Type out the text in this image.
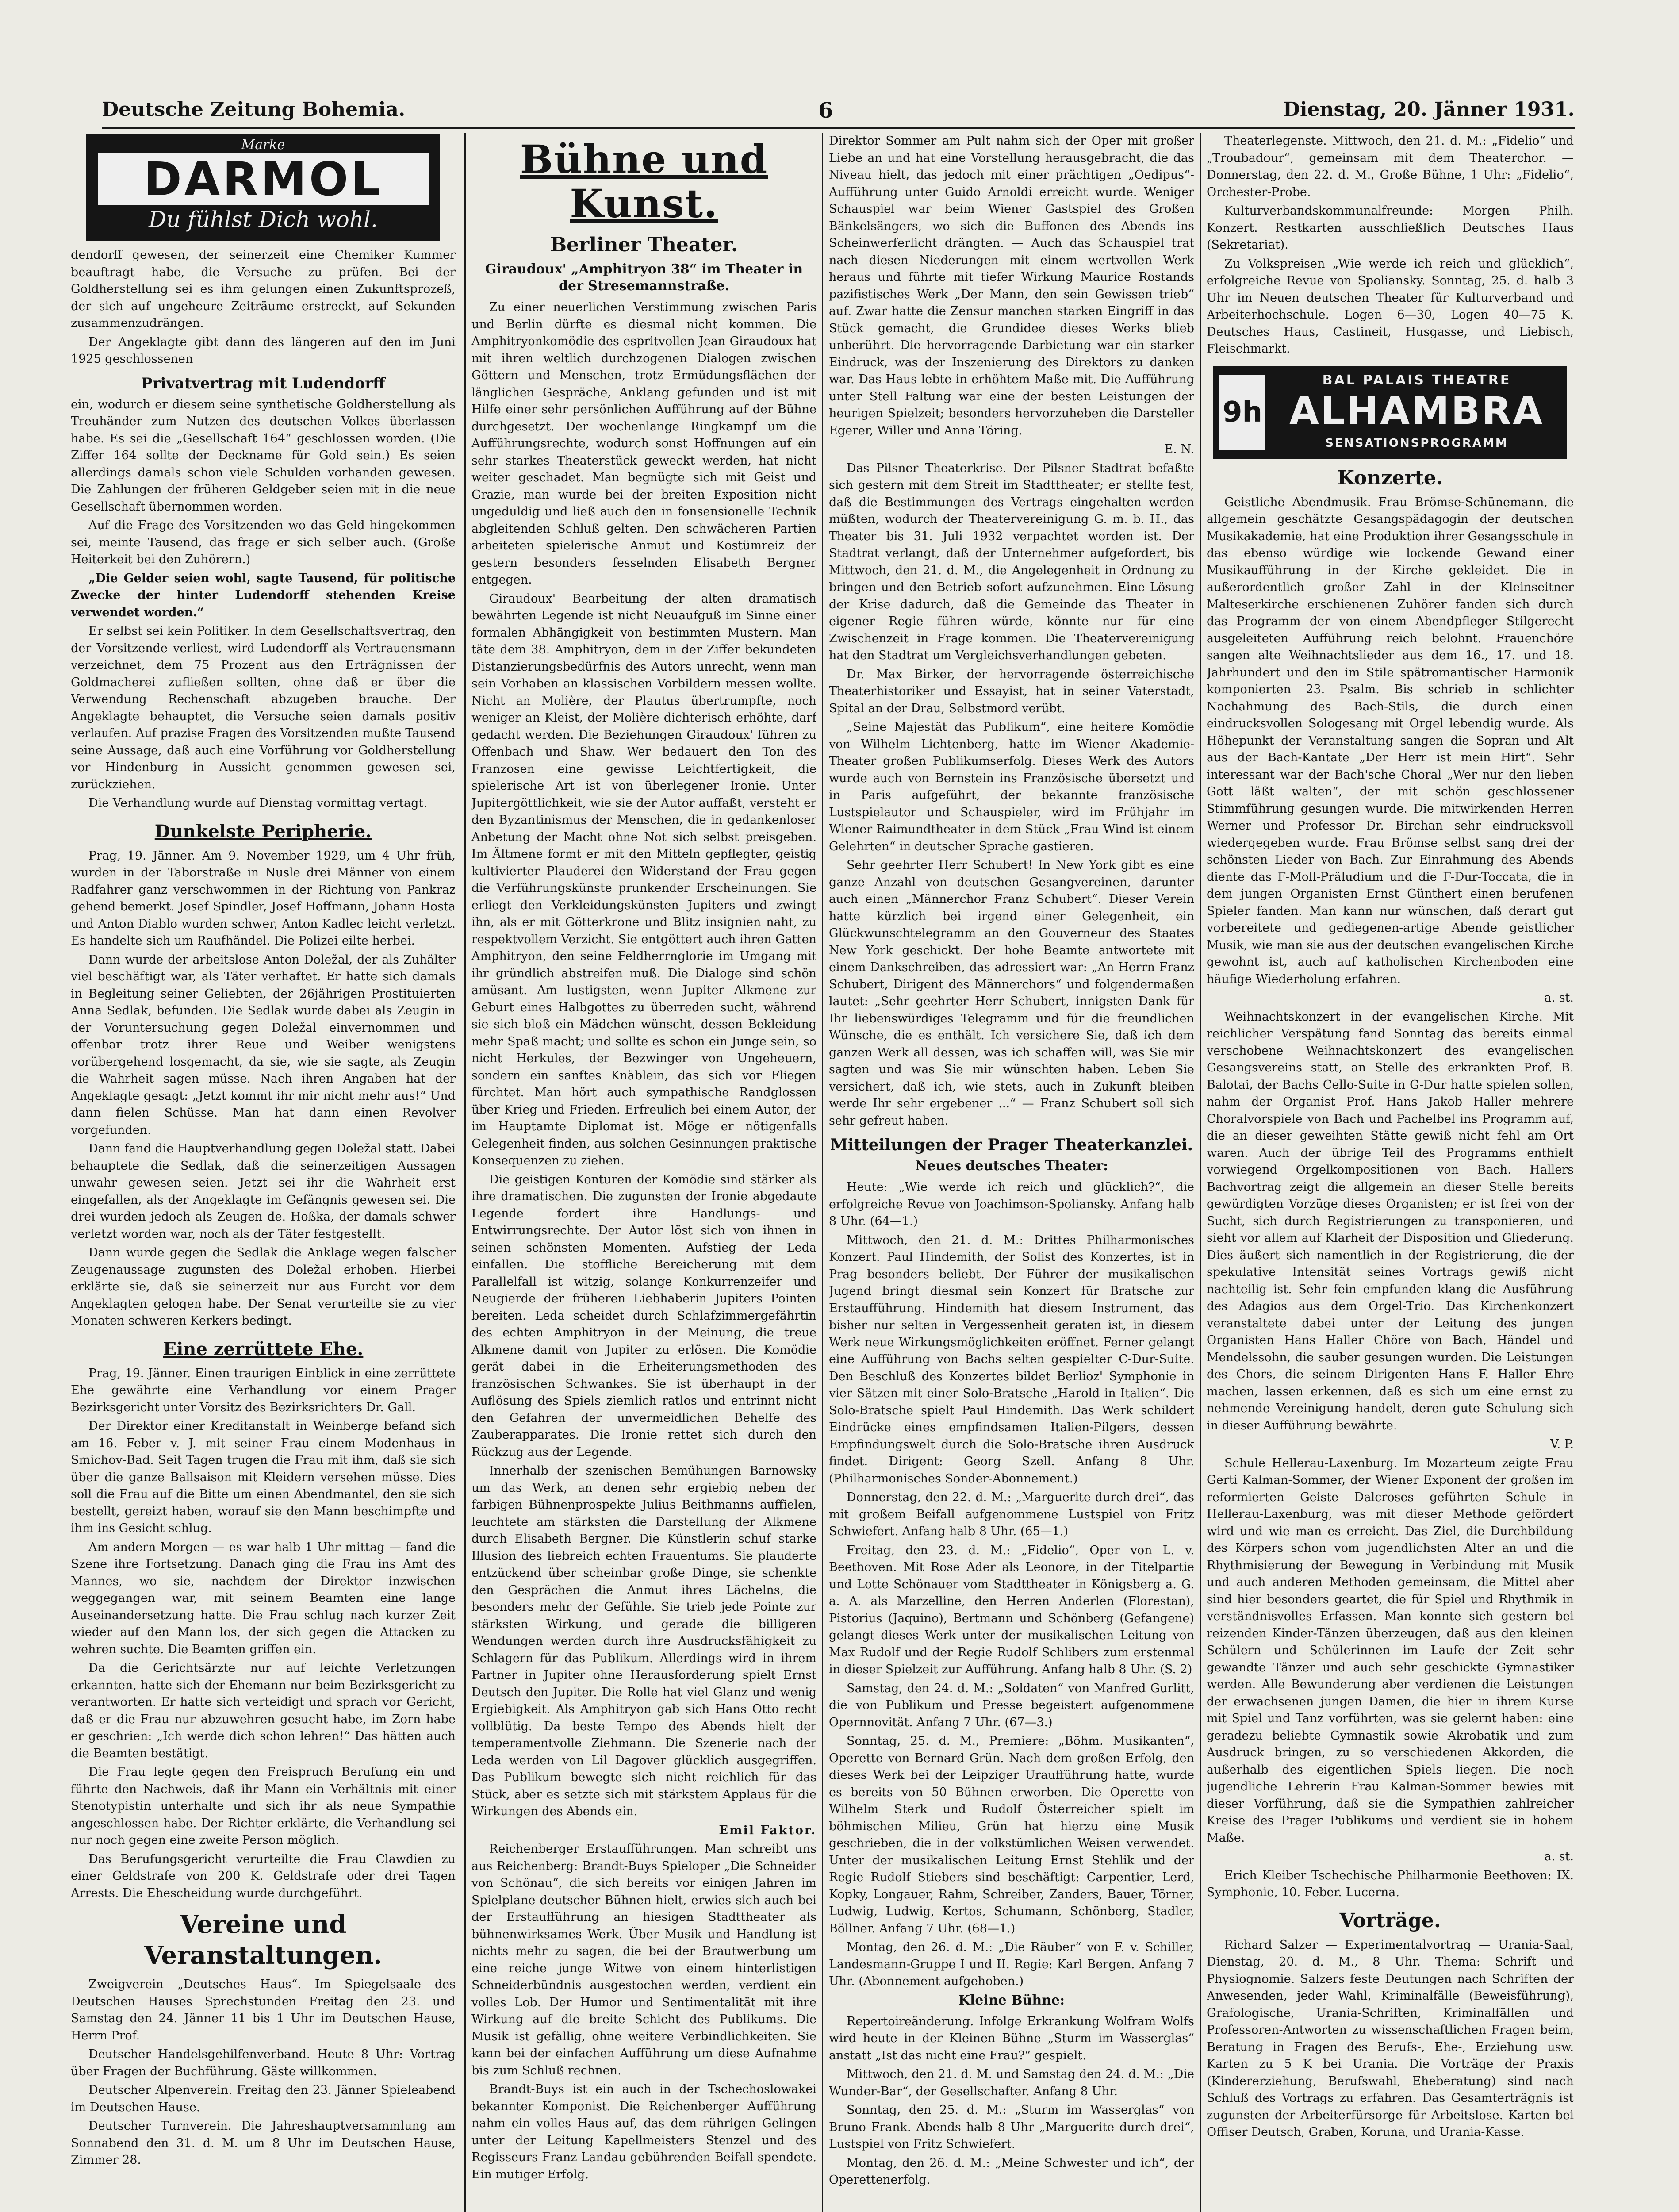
Deutsche Zeitung Bohemia.	6	Dienstag, 20. Jänner 1931.
Marke
DARMOL
Du fühlst Dich wohl.

dendorff gewesen, der seinerzeit eine Chemiker Kummer beauftragt habe, die Versuche zu prüfen. Bei der Goldherstellung sei es ihm gelungen einen Zukunftsprozeß, der sich auf ungeheure Zeiträume erstreckt, auf Sekunden zusammenzudrängen.

Der Angeklagte gibt dann des längeren auf den im Juni 1925 geschlossenen

Privatvertrag mit Ludendorff

ein, wodurch er diesem seine synthetische Goldherstellung als Treuhänder zum Nutzen des deutschen Volkes überlassen habe. Es sei die „Gesellschaft 164“ geschlossen worden. (Die Ziffer 164 sollte der Deckname für Gold sein.) Es seien allerdings damals schon viele Schulden vorhanden gewesen. Die Zahlungen der früheren Geldgeber seien mit in die neue Gesellschaft übernommen worden.

Auf die Frage des Vorsitzenden wo das Geld hingekommen sei, meinte Tausend, das frage er sich selber auch. (Große Heiterkeit bei den Zuhörern.)

„Die Gelder seien wohl, sagte Tausend, für politische Zwecke der hinter Ludendorff stehenden Kreise verwendet worden.“

Er selbst sei kein Politiker. In dem Gesellschaftsvertrag, den der Vorsitzende verliest, wird Ludendorff als Vertrauensmann verzeichnet, dem 75 Prozent aus den Erträgnissen der Goldmacherei zufließen sollten, ohne daß er über die Verwendung Rechenschaft abzugeben brauche. Der Angeklagte behauptet, die Versuche seien damals positiv verlaufen. Auf prazise Fragen des Vorsitzenden mußte Tausend seine Aussage, daß auch eine Vorführung vor Goldherstellung vor Hindenburg in Aussicht genommen gewesen sei, zurückziehen.

Die Verhandlung wurde auf Dienstag vormittag vertagt.

Dunkelste Peripherie.

Prag, 19. Jänner. Am 9. November 1929, um 4 Uhr früh, wurden in der Taborstraße in Nusle drei Männer von einem Radfahrer ganz verschwommen in der Richtung von Pankraz gehend bemerkt. Josef Spindler, Josef Hoffmann, Johann Hosta und Anton Diablo wurden schwer, Anton Kadlec leicht verletzt. Es handelte sich um Raufhändel. Die Polizei eilte herbei.

Dann wurde der arbeitslose Anton Doležal, der als Zuhälter viel beschäftigt war, als Täter verhaftet. Er hatte sich damals in Begleitung seiner Geliebten, der 26jährigen Prostituierten Anna Sedlak, befunden. Die Sedlak wurde dabei als Zeugin in der Voruntersuchung gegen Doležal einvernommen und offenbar trotz ihrer Reue und Weiber wenigstens vorübergehend losgemacht, da sie, wie sie sagte, als Zeugin die Wahrheit sagen müsse. Nach ihren Angaben hat der Angeklagte gesagt: „Jetzt kommt ihr mir nicht mehr aus!“ Und dann fielen Schüsse. Man hat dann einen Revolver vorgefunden.

Dann fand die Hauptverhandlung gegen Doležal statt. Dabei behauptete die Sedlak, daß die seinerzeitigen Aussagen unwahr gewesen seien. Jetzt sei ihr die Wahrheit erst eingefallen, als der Angeklagte im Gefängnis gewesen sei. Die drei wurden jedoch als Zeugen de. Hoßka, der damals schwer verletzt worden war, noch als der Täter festgestellt.

Dann wurde gegen die Sedlak die Anklage wegen falscher Zeugenaussage zugunsten des Doležal erhoben. Hierbei erklärte sie, daß sie seinerzeit nur aus Furcht vor dem Angeklagten gelogen habe. Der Senat verurteilte sie zu vier Monaten schweren Kerkers bedingt.

Eine zerrüttete Ehe.

Prag, 19. Jänner. Einen traurigen Einblick in eine zerrüttete Ehe gewährte eine Verhandlung vor einem Prager Bezirksgericht unter Vorsitz des Bezirksrichters Dr. Gall.

Der Direktor einer Kreditanstalt in Weinberge befand sich am 16. Feber v. J. mit seiner Frau einem Modenhaus in Smichov-Bad. Seit Tagen trugen die Frau mit ihm, daß sie sich über die ganze Ballsaison mit Kleidern versehen müsse. Dies soll die Frau auf die Bitte um einen Abendmantel, den sie sich bestellt, gereizt haben, worauf sie den Mann beschimpfte und ihm ins Gesicht schlug.

Am andern Morgen — es war halb 1 Uhr mittag — fand die Szene ihre Fortsetzung. Danach ging die Frau ins Amt des Mannes, wo sie, nachdem der Direktor inzwischen weggegangen war, mit seinem Beamten eine lange Auseinandersetzung hatte. Die Frau schlug nach kurzer Zeit wieder auf den Mann los, der sich gegen die Attacken zu wehren suchte. Die Beamten griffen ein.

Da die Gerichtsärzte nur auf leichte Verletzungen erkannten, hatte sich der Ehemann nur beim Bezirksgericht zu verantworten. Er hatte sich verteidigt und sprach vor Gericht, daß er die Frau nur abzuwehren gesucht habe, im Zorn habe er geschrien: „Ich werde dich schon lehren!“ Das hätten auch die Beamten bestätigt.

Die Frau legte gegen den Freispruch Berufung ein und führte den Nachweis, daß ihr Mann ein Verhältnis mit einer Stenotypistin unterhalte und sich ihr als neue Sympathie angeschlossen habe. Der Richter erklärte, die Verhandlung sei nur noch gegen eine zweite Person möglich.

Das Berufungsgericht verurteilte die Frau Clawdien zu einer Geldstrafe von 200 K. Geldstrafe oder drei Tagen Arrests. Die Ehescheidung wurde durchgeführt.

Vereine und Veranstaltungen.

Zweigverein „Deutsches Haus“. Im Spiegelsaale des Deutschen Hauses Sprechstunden Freitag den 23. und Samstag den 24. Jänner 11 bis 1 Uhr im Deutschen Hause, Herrn Prof.

Deutscher Handelsgehilfenverband. Heute 8 Uhr: Vortrag über Fragen der Buchführung. Gäste willkommen.

Deutscher Alpenverein. Freitag den 23. Jänner Spieleabend im Deutschen Hause.

Deutscher Turnverein. Die Jahreshauptversammlung am Sonnabend den 31. d. M. um 8 Uhr im Deutschen Hause, Zimmer 28.

Bühne und Kunst.
Berliner Theater.
Giraudoux' „Amphitryon 38“ im Theater in der Stresemannstraße.

Zu einer neuerlichen Verstimmung zwischen Paris und Berlin dürfte es diesmal nicht kommen. Die Amphitryonkomödie des espritvollen Jean Giraudoux hat mit ihren weltlich durchzogenen Dialogen zwischen Göttern und Menschen, trotz Ermüdungsflächen der länglichen Gespräche, Anklang gefunden und ist mit Hilfe einer sehr persönlichen Aufführung auf der Bühne durchgesetzt. Der wochenlange Ringkampf um die Aufführungsrechte, wodurch sonst Hoffnungen auf ein sehr starkes Theaterstück geweckt werden, hat nicht weiter geschadet. Man begnügte sich mit Geist und Grazie, man wurde bei der breiten Exposition nicht ungeduldig und ließ auch den in fonsensionelle Technik abgleitenden Schluß gelten. Den schwächeren Partien arbeiteten spielerische Anmut und Kostümreiz der gestern besonders fesselnden Elisabeth Bergner entgegen.

Giraudoux' Bearbeitung der alten dramatisch bewährten Legende ist nicht Neuaufguß im Sinne einer formalen Abhängigkeit von bestimmten Mustern. Man täte dem 38. Amphitryon, dem in der Ziffer bekundeten Distanzierungsbedürfnis des Autors unrecht, wenn man sein Vorhaben an klassischen Vorbildern messen wollte. Nicht an Molière, der Plautus übertrumpfte, noch weniger an Kleist, der Molière dichterisch erhöhte, darf gedacht werden. Die Beziehungen Giraudoux' führen zu Offenbach und Shaw. Wer bedauert den Ton des Franzosen eine gewisse Leichtfertigkeit, die spielerische Art ist von überlegener Ironie. Unter Jupitergöttlichkeit, wie sie der Autor auffaßt, versteht er den Byzantinismus der Menschen, die in gedankenloser Anbetung der Macht ohne Not sich selbst preisgeben. Im Ältmene formt er mit den Mitteln gepflegter, geistig kultivierter Plauderei den Widerstand der Frau gegen die Verführungskünste prunkender Erscheinungen. Sie erliegt den Verkleidungskünsten Jupiters und zwingt ihn, als er mit Götterkrone und Blitz insignien naht, zu respektvollem Verzicht. Sie entgöttert auch ihren Gatten Amphitryon, den seine Feldherrnglorie im Umgang mit ihr gründlich abstreifen muß. Die Dialoge sind schön amüsant. Am lustigsten, wenn Jupiter Alkmene zur Geburt eines Halbgottes zu überreden sucht, während sie sich bloß ein Mädchen wünscht, dessen Bekleidung mehr Spaß macht; und sollte es schon ein Junge sein, so nicht Herkules, der Bezwinger von Ungeheuern, sondern ein sanftes Knäblein, das sich vor Fliegen fürchtet. Man hört auch sympathische Randglossen über Krieg und Frieden. Erfreulich bei einem Autor, der im Hauptamte Diplomat ist. Möge er nötigenfalls Gelegenheit finden, aus solchen Gesinnungen praktische Konsequenzen zu ziehen.

Die geistigen Konturen der Komödie sind stärker als ihre dramatischen. Die zugunsten der Ironie abgedaute Legende fordert ihre Handlungs- und Entwirrungsrechte. Der Autor löst sich von ihnen in seinen schönsten Momenten. Aufstieg der Leda einfallen. Die stoffliche Bereicherung mit dem Parallelfall ist witzig, solange Konkurrenzeifer und Neugierde der früheren Liebhaberin Jupiters Pointen bereiten. Leda scheidet durch Schlafzimmergefährtin des echten Amphitryon in der Meinung, die treue Alkmene damit von Jupiter zu erlösen. Die Komödie gerät dabei in die Erheiterungsmethoden des französischen Schwankes. Sie ist überhaupt in der Auflösung des Spiels ziemlich ratlos und entrinnt nicht den Gefahren der unvermeidlichen Behelfe des Zauberapparates. Die Ironie rettet sich durch den Rückzug aus der Legende.

Innerhalb der szenischen Bemühungen Barnowsky um das Werk, an denen sehr ergiebig neben der farbigen Bühnenprospekte Julius Beithmanns auffielen, leuchtete am stärksten die Darstellung der Alkmene durch Elisabeth Bergner. Die Künstlerin schuf starke Illusion des liebreich echten Frauentums. Sie plauderte entzückend über scheinbar große Dinge, sie schenkte den Gesprächen die Anmut ihres Lächelns, die besonders mehr der Gefühle. Sie trieb jede Pointe zur stärksten Wirkung, und gerade die billigeren Wendungen werden durch ihre Ausdrucksfähigkeit zu Schlagern für das Publikum. Allerdings wird in ihrem Partner in Jupiter ohne Herausforderung spielt Ernst Deutsch den Jupiter. Die Rolle hat viel Glanz und wenig Ergiebigkeit. Als Amphitryon gab sich Hans Otto recht vollblütig. Da beste Tempo des Abends hielt der temperamentvolle Ziehmann. Die Szenerie nach der Leda werden von Lil Dagover glücklich ausgegriffen. Das Publikum bewegte sich nicht reichlich für das Stück, aber es setzte sich mit stärkstem Applaus für die Wirkungen des Abends ein.

Emil Faktor.

Reichenberger Erstaufführungen. Man schreibt uns aus Reichenberg: Brandt-Buys Spieloper „Die Schneider von Schönau“, die sich bereits vor einigen Jahren im Spielplane deutscher Bühnen hielt, erwies sich auch bei der Erstaufführung an hiesigen Stadttheater als bühnenwirksames Werk. Über Musik und Handlung ist nichts mehr zu sagen, die bei der Brautwerbung um eine reiche junge Witwe von einem hinterlistigen Schneiderbündnis ausgestochen werden, verdient ein volles Lob. Der Humor und Sentimentalität mit ihre Wirkung auf die breite Schicht des Publikums. Die Musik ist gefällig, ohne weitere Verbindlichkeiten. Sie kann bei der einfachen Aufführung um diese Aufnahme bis zum Schluß rechnen.

Brandt-Buys ist ein auch in der Tschechoslowakei bekannter Komponist. Die Reichenberger Aufführung nahm ein volles Haus auf, das dem rührigen Gelingen unter der Leitung Kapellmeisters Stenzel und des Regisseurs Franz Landau gebührenden Beifall spendete. Ein mutiger Erfolg.

Direktor Sommer am Pult nahm sich der Oper mit großer Liebe an und hat eine Vorstellung herausgebracht, die das Niveau hielt, das jedoch mit einer prächtigen „Oedipus“-Aufführung unter Guido Arnoldi erreicht wurde. Weniger Schauspiel war beim Wiener Gastspiel des Großen Bänkelsängers, wo sich die Buffonen des Abends ins Scheinwerferlicht drängten. — Auch das Schauspiel trat nach diesen Niederungen mit einem wertvollen Werk heraus und führte mit tiefer Wirkung Maurice Rostands pazifistisches Werk „Der Mann, den sein Gewissen trieb“ auf. Zwar hatte die Zensur manchen starken Eingriff in das Stück gemacht, die Grundidee dieses Werks blieb unberührt. Die hervorragende Darbietung war ein starker Eindruck, was der Inszenierung des Direktors zu danken war. Das Haus lebte in erhöhtem Maße mit. Die Aufführung unter Stell Faltung war eine der besten Leistungen der heurigen Spielzeit; besonders hervorzuheben die Darsteller Egerer, Willer und Anna Töring.

E. N.

Das Pilsner Theaterkrise. Der Pilsner Stadtrat befaßte sich gestern mit dem Streit im Stadttheater; er stellte fest, daß die Bestimmungen des Vertrags eingehalten werden müßten, wodurch der Theatervereinigung G. m. b. H., das Theater bis 31. Juli 1932 verpachtet worden ist. Der Stadtrat verlangt, daß der Unternehmer aufgefordert, bis Mittwoch, den 21. d. M., die Angelegenheit in Ordnung zu bringen und den Betrieb sofort aufzunehmen. Eine Lösung der Krise dadurch, daß die Gemeinde das Theater in eigener Regie führen würde, könnte nur für eine Zwischenzeit in Frage kommen. Die Theatervereinigung hat den Stadtrat um Vergleichsverhandlungen gebeten.

Dr. Max Birker, der hervorragende österreichische Theaterhistoriker und Essayist, hat in seiner Vaterstadt, Spital an der Drau, Selbstmord verübt.

„Seine Majestät das Publikum“, eine heitere Komödie von Wilhelm Lichtenberg, hatte im Wiener Akademie-Theater großen Publikumserfolg. Dieses Werk des Autors wurde auch von Bernstein ins Französische übersetzt und in Paris aufgeführt, der bekannte französische Lustspielautor und Schauspieler, wird im Frühjahr im Wiener Raimundtheater in dem Stück „Frau Wind ist einem Gelehrten“ in deutscher Sprache gastieren.

Sehr geehrter Herr Schubert! In New York gibt es eine ganze Anzahl von deutschen Gesangvereinen, darunter auch einen „Männerchor Franz Schubert“. Dieser Verein hatte kürzlich bei irgend einer Gelegenheit, ein Glückwunschtelegramm an den Gouverneur des Staates New York geschickt. Der hohe Beamte antwortete mit einem Dankschreiben, das adressiert war: „An Herrn Franz Schubert, Dirigent des Männerchors“ und folgendermaßen lautet: „Sehr geehrter Herr Schubert, innigsten Dank für Ihr liebenswürdiges Telegramm und für die freundlichen Wünsche, die es enthält. Ich versichere Sie, daß ich dem ganzen Werk all dessen, was ich schaffen will, was Sie mir sagten und was Sie mir wünschten haben. Leben Sie versichert, daß ich, wie stets, auch in Zukunft bleiben werde Ihr sehr ergebener ...“ — Franz Schubert soll sich sehr gefreut haben.

Mitteilungen der Prager Theaterkanzlei.
Neues deutsches Theater:

Heute: „Wie werde ich reich und glücklich?“, die erfolgreiche Revue von Joachimson-Spoliansky. Anfang halb 8 Uhr. (64—1.)

Mittwoch, den 21. d. M.: Drittes Philharmonisches Konzert. Paul Hindemith, der Solist des Konzertes, ist in Prag besonders beliebt. Der Führer der musikalischen Jugend bringt diesmal sein Konzert für Bratsche zur Erstaufführung. Hindemith hat diesem Instrument, das bisher nur selten in Vergessenheit geraten ist, in diesem Werk neue Wirkungsmöglichkeiten eröffnet. Ferner gelangt eine Aufführung von Bachs selten gespielter C-Dur-Suite. Den Beschluß des Konzertes bildet Berlioz' Symphonie in vier Sätzen mit einer Solo-Bratsche „Harold in Italien“. Die Solo-Bratsche spielt Paul Hindemith. Das Werk schildert Eindrücke eines empfindsamen Italien-Pilgers, dessen Empfindungswelt durch die Solo-Bratsche ihren Ausdruck findet. Dirigent: Georg Szell. Anfang 8 Uhr. (Philharmonisches Sonder-Abonnement.)

Donnerstag, den 22. d. M.: „Marguerite durch drei“, das mit großem Beifall aufgenommene Lustspiel von Fritz Schwiefert. Anfang halb 8 Uhr. (65—1.)

Freitag, den 23. d. M.: „Fidelio“, Oper von L. v. Beethoven. Mit Rose Ader als Leonore, in der Titelpartie und Lotte Schönauer vom Stadttheater in Königsberg a. G. a. A. als Marzelline, den Herren Anderlen (Florestan), Pistorius (Jaquino), Bertmann und Schönberg (Gefangene) gelangt dieses Werk unter der musikalischen Leitung von Max Rudolf und der Regie Rudolf Schlibers zum erstenmal in dieser Spielzeit zur Aufführung. Anfang halb 8 Uhr. (S. 2)

Samstag, den 24. d. M.: „Soldaten“ von Manfred Gurlitt, die von Publikum und Presse begeistert aufgenommene Opernnovität. Anfang 7 Uhr. (67—3.)

Sonntag, 25. d. M., Premiere: „Böhm. Musikanten“, Operette von Bernard Grün. Nach dem großen Erfolg, den dieses Werk bei der Leipziger Uraufführung hatte, wurde es bereits von 50 Bühnen erworben. Die Operette von Wilhelm Sterk und Rudolf Österreicher spielt im böhmischen Milieu, Grün hat hierzu eine Musik geschrieben, die in der volkstümlichen Weisen verwendet. Unter der musikalischen Leitung Ernst Stehlik und der Regie Rudolf Stiebers sind beschäftigt: Carpentier, Lerd, Kopky, Longauer, Rahm, Schreiber, Zanders, Bauer, Törner, Ludwig, Ludwig, Kertos, Schumann, Schönberg, Stadler, Böllner. Anfang 7 Uhr. (68—1.)

Montag, den 26. d. M.: „Die Räuber“ von F. v. Schiller, Landesmann-Gruppe I und II. Regie: Karl Bergen. Anfang 7 Uhr. (Abonnement aufgehoben.)

Kleine Bühne:

Repertoireänderung. Infolge Erkrankung Wolfram Wolfs wird heute in der Kleinen Bühne „Sturm im Wasserglas“ anstatt „Ist das nicht eine Frau?“ gespielt.

Mittwoch, den 21. d. M. und Samstag den 24. d. M.: „Die Wunder-Bar“, der Gesellschafter. Anfang 8 Uhr.

Sonntag, den 25. d. M.: „Sturm im Wasserglas“ von Bruno Frank. Abends halb 8 Uhr „Marguerite durch drei“, Lustspiel von Fritz Schwiefert.

Montag, den 26. d. M.: „Meine Schwester und ich“, der Operettenerfolg.

Theaterlegenste. Mittwoch, den 21. d. M.: „Fidelio“ und „Troubadour“, gemeinsam mit dem Theaterchor. — Donnerstag, den 22. d. M., Große Bühne, 1 Uhr: „Fidelio“, Orchester-Probe.

Kulturverbandskommunalfreunde: Morgen Philh. Konzert. Restkarten ausschließlich Deutsches Haus (Sekretariat).

Zu Volkspreisen „Wie werde ich reich und glücklich“, erfolgreiche Revue von Spoliansky. Sonntag, 25. d. halb 3 Uhr im Neuen deutschen Theater für Kulturverband und Arbeiterhochschule. Logen 6—30, Logen 40—75 K. Deutsches Haus, Castineit, Husgasse, und Liebisch, Fleischmarkt.

9h
BAL PALAIS THEATRE
ALHAMBRA
SENSATIONSPROGRAMM
Konzerte.

Geistliche Abendmusik. Frau Brömse-Schünemann, die allgemein geschätzte Gesangspädagogin der deutschen Musikakademie, hat eine Produktion ihrer Gesangsschule in das ebenso würdige wie lockende Gewand einer Musikaufführung in der Kirche gekleidet. Die in außerordentlich großer Zahl in der Kleinseitner Malteserkirche erschienenen Zuhörer fanden sich durch das Programm der von einem Abendpfleger Stilgerecht ausgeleiteten Aufführung reich belohnt. Frauenchöre sangen alte Weihnachtslieder aus dem 16., 17. und 18. Jahrhundert und den im Stile spätromantischer Harmonik komponierten 23. Psalm. Bis schrieb in schlichter Nachahmung des Bach-Stils, die durch einen eindrucksvollen Sologesang mit Orgel lebendig wurde. Als Höhepunkt der Veranstaltung sangen die Sopran und Alt aus der Bach-Kantate „Der Herr ist mein Hirt“. Sehr interessant war der Bach'sche Choral „Wer nur den lieben Gott läßt walten“, der mit schön geschlossener Stimmführung gesungen wurde. Die mitwirkenden Herren Werner und Professor Dr. Birchan sehr eindrucksvoll wiedergegeben wurde. Frau Brömse selbst sang drei der schönsten Lieder von Bach. Zur Einrahmung des Abends diente das F-Moll-Präludium und die F-Dur-Toccata, die in dem jungen Organisten Ernst Günthert einen berufenen Spieler fanden. Man kann nur wünschen, daß derart gut vorbereitete und gediegenen-artige Abende geistlicher Musik, wie man sie aus der deutschen evangelischen Kirche gewohnt ist, auch auf katholischen Kirchenboden eine häufige Wiederholung erfahren.

a. st.

Weihnachtskonzert in der evangelischen Kirche. Mit reichlicher Verspätung fand Sonntag das bereits einmal verschobene Weihnachtskonzert des evangelischen Gesangsvereins statt, an Stelle des erkrankten Prof. B. Balotai, der Bachs Cello-Suite in G-Dur hatte spielen sollen, nahm der Organist Prof. Hans Jakob Haller mehrere Choralvorspiele von Bach und Pachelbel ins Programm auf, die an dieser geweihten Stätte gewiß nicht fehl am Ort waren. Auch der übrige Teil des Programms enthielt vorwiegend Orgelkompositionen von Bach. Hallers Bachvortrag zeigt die allgemein an dieser Stelle bereits gewürdigten Vorzüge dieses Organisten; er ist frei von der Sucht, sich durch Registrierungen zu transponieren, und sieht vor allem auf Klarheit der Disposition und Gliederung. Dies äußert sich namentlich in der Registrierung, die der spekulative Intensität seines Vortrags gewiß nicht nachteilig ist. Sehr fein empfunden klang die Ausführung des Adagios aus dem Orgel-Trio. Das Kirchenkonzert veranstaltete dabei unter der Leitung des jungen Organisten Hans Haller Chöre von Bach, Händel und Mendelssohn, die sauber gesungen wurden. Die Leistungen des Chors, die seinem Dirigenten Hans F. Haller Ehre machen, lassen erkennen, daß es sich um eine ernst zu nehmende Vereinigung handelt, deren gute Schulung sich in dieser Aufführung bewährte.

V. P.

Schule Hellerau-Laxenburg. Im Mozarteum zeigte Frau Gerti Kalman-Sommer, der Wiener Exponent der großen im reformierten Geiste Dalcroses geführten Schule in Hellerau-Laxenburg, was mit dieser Methode gefördert wird und wie man es erreicht. Das Ziel, die Durchbildung des Körpers schon vom jugendlichsten Alter an und die Rhythmisierung der Bewegung in Verbindung mit Musik und auch anderen Methoden gemeinsam, die Mittel aber sind hier besonders geartet, die für Spiel und Rhythmik in verständnisvolles Erfassen. Man konnte sich gestern bei reizenden Kinder-Tänzen überzeugen, daß aus den kleinen Schülern und Schülerinnen im Laufe der Zeit sehr gewandte Tänzer und auch sehr geschickte Gymnastiker werden. Alle Bewunderung aber verdienen die Leistungen der erwachsenen jungen Damen, die hier in ihrem Kurse mit Spiel und Tanz vorführten, was sie gelernt haben: eine geradezu beliebte Gymnastik sowie Akrobatik und zum Ausdruck bringen, zu so verschiedenen Akkorden, die außerhalb des eigentlichen Spiels liegen. Die noch jugendliche Lehrerin Frau Kalman-Sommer bewies mit dieser Vorführung, daß sie die Sympathien zahlreicher Kreise des Prager Publikums und verdient sie in hohem Maße.

a. st.

Erich Kleiber Tschechische Philharmonie Beethoven: IX. Symphonie, 10. Feber. Lucerna.

Vorträge.

Richard Salzer — Experimentalvortrag — Urania-Saal, Dienstag, 20. d. M., 8 Uhr. Thema: Schrift und Physiognomie. Salzers feste Deutungen nach Schriften der Anwesenden, jeder Wahl, Kriminalfälle (Beweisführung), Grafologische, Urania-Schriften, Kriminalfällen und Professoren-Antworten zu wissenschaftlichen Fragen beim, Beratung in Fragen des Berufs-, Ehe-, Erziehung usw. Karten zu 5 K bei Urania. Die Vorträge der Praxis (Kindererziehung, Berufswahl, Eheberatung) sind nach Schluß des Vortrags zu erfahren. Das Gesamterträgnis ist zugunsten der Arbeiterfürsorge für Arbeitslose. Karten bei Offiser Deutsch, Graben, Koruna, und Urania-Kasse.
